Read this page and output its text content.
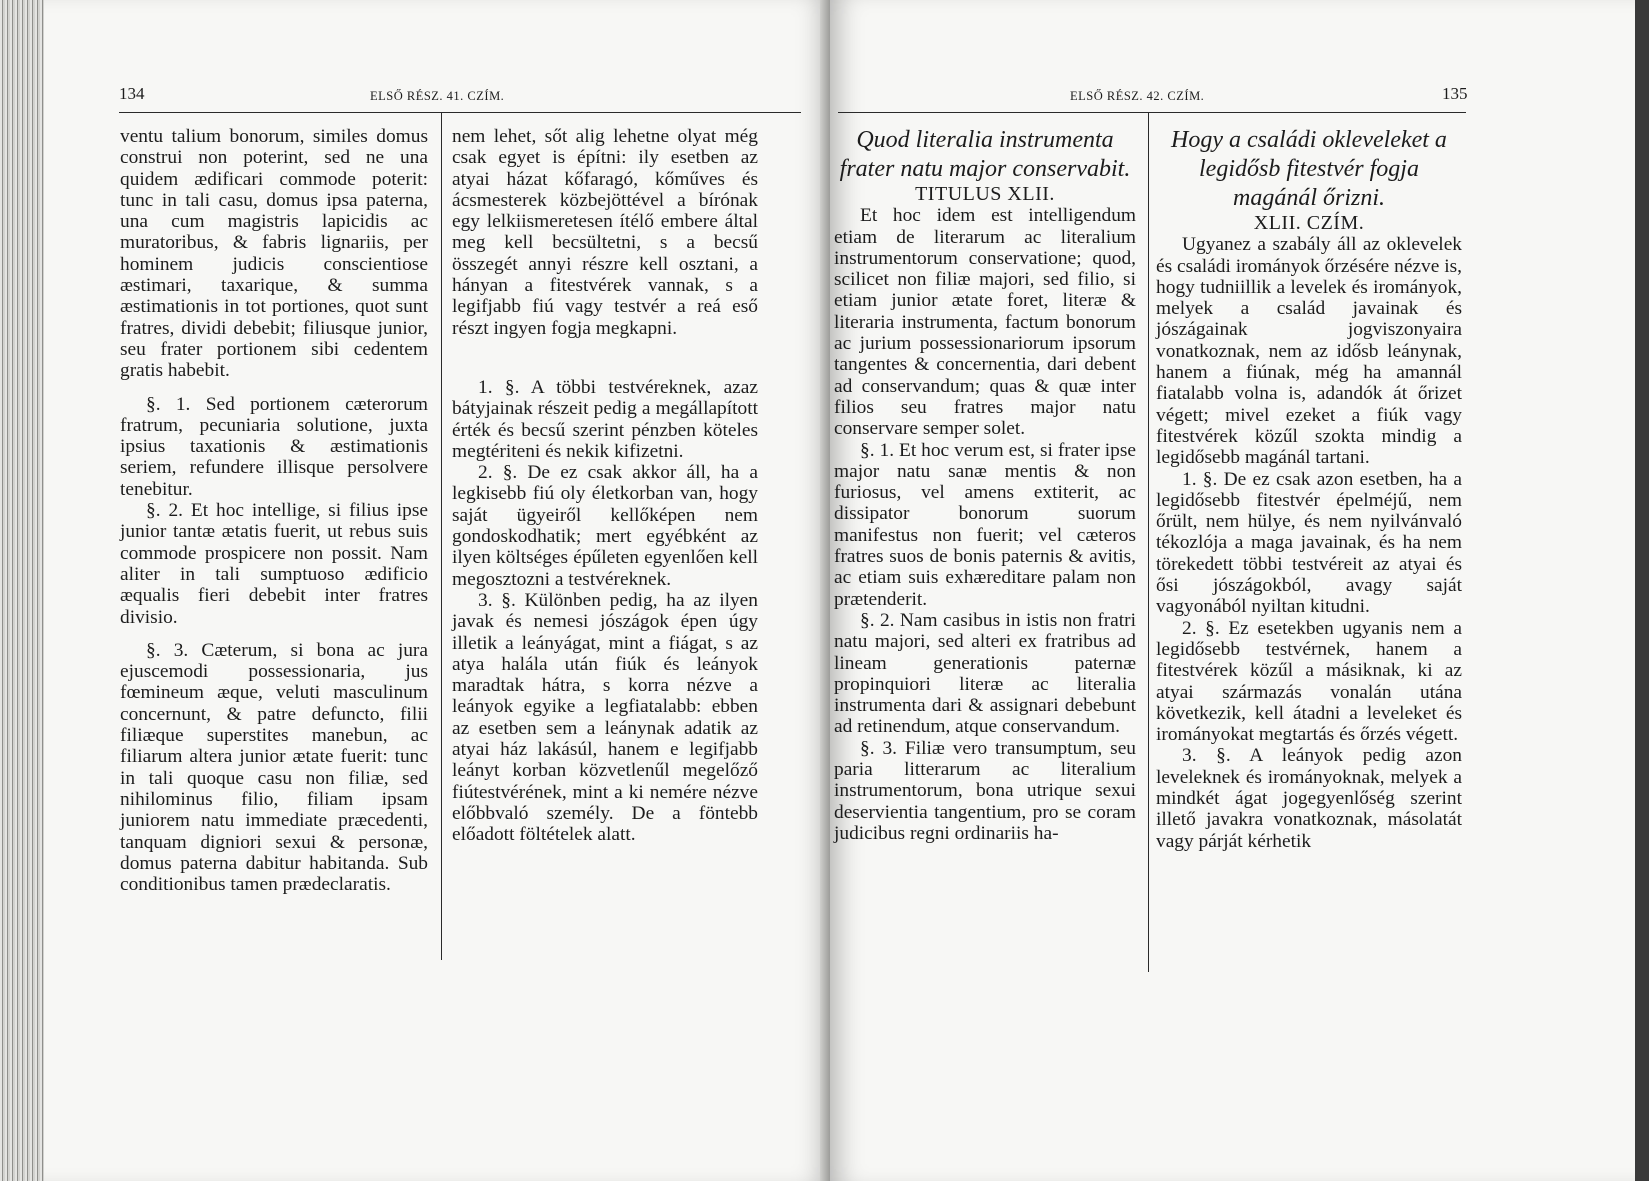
134	ELSŐ RÉSZ. 41. CZÍM.

ventu talium bonorum, similes domus construi non poterint, sed ne una quidem ædificari commode poterit: tunc in tali casu, domus ipsa paterna, una cum magistris lapicidis ac muratoribus, & fabris lignariis, per hominem judicis conscientiose æstimari, taxarique, & summa æstimationis in tot portiones, quot sunt fratres, dividi debebit; filiusque junior, seu frater portionem sibi cedentem gratis habebit.

§. 1. Sed portionem cæterorum fratrum, pecuniaria solutione, juxta ipsius taxationis & æstimationis seriem, refundere illisque persolvere tenebitur.

§. 2. Et hoc intellige, si filius ipse junior tantæ ætatis fuerit, ut rebus suis commode prospicere non possit. Nam aliter in tali sumptuoso ædificio æqualis fieri debebit inter fratres divisio.

§. 3. Cæterum, si bona ac jura ejuscemodi possessionaria, jus fœmineum æque, veluti masculinum concernunt, & patre defuncto, filii filiæque superstites manebun, ac filiarum altera junior ætate fuerit: tunc in tali quoque casu non filiæ, sed nihilominus filio, filiam ipsam juniorem natu immediate præcedenti, tanquam digniori sexui & personæ, domus paterna dabitur habitanda. Sub conditionibus tamen prædeclaratis.

nem lehet, sőt alig lehetne olyat még csak egyet is építni: ily esetben az atyai házat kőfaragó, kőműves és ácsmesterek közbejöttével a bírónak egy lelkiismeretesen ítélő embere által meg kell becsültetni, s a becsű összegét annyi részre kell osztani, a hányan a fitestvérek vannak, s a legifjabb fiú vagy testvér a reá eső részt ingyen fogja megkapni.

1. §. A többi testvéreknek, azaz bátyjainak részeit pedig a megállapított érték és becsű szerint pénzben köteles megtériteni és nekik kifizetni.

2. §. De ez csak akkor áll, ha a legkisebb fiú oly életkorban van, hogy saját ügyeiről kellőképen nem gondoskodhatik; mert egyébként az ilyen költséges épűleten egyenlően kell megosztozni a testvéreknek.

3. §. Különben pedig, ha az ilyen javak és nemesi jószágok épen úgy illetik a leányágat, mint a fiágat, s az atya halála után fiúk és leányok maradtak hátra, s korra nézve a leányok egyike a legfiatalabb: ebben az esetben sem a leánynak adatik az atyai ház lakásúl, hanem e legifjabb leányt korban közvetlenűl megelőző fiútestvérének, mint a ki nemére nézve előbbvaló személy. De a föntebb előadott föltételek alatt.

ELSŐ RÉSZ. 42. CZÍM.	135

Quod literalia instrumenta frater natu major conservabit.

TITULUS XLII.

Et hoc idem est intelligendum etiam de literarum ac literalium instrumentorum conservatione; quod, scilicet non filiæ majori, sed filio, si etiam junior ætate foret, literæ & literaria instrumenta, factum bonorum ac jurium possessionariorum ipsorum tangentes & concernentia, dari debent ad conservandum; quas & quæ inter filios seu fratres major natu conservare semper solet.

§. 1. Et hoc verum est, si frater ipse major natu sanæ mentis & non furiosus, vel amens extiterit, ac dissipator bonorum suorum manifestus non fuerit; vel cæteros fratres suos de bonis paternis & avitis, ac etiam suis exhæreditare palam non prætenderit.

§. 2. Nam casibus in istis non fratri natu majori, sed alteri ex fratribus ad lineam generationis paternæ propinquiori literæ ac literalia instrumenta dari & assignari debebunt ad retinendum, atque conservandum.

§. 3. Filiæ vero transumptum, seu paria litterarum ac literalium instrumentorum, bona utrique sexui deservientia tangentium, pro se coram judicibus regni ordinariis ha-

Hogy a családi okleveleket a legidősb fitestvér fogja magánál őrizni.

XLII. CZÍM.

Ugyanez a szabály áll az oklevelek és családi irományok őrzésére nézve is, hogy tudniillik a levelek és irományok, melyek a család javainak és jószágainak jogviszonyaira vonatkoznak, nem az idősb leánynak, hanem a fiúnak, még ha amannál fiatalabb volna is, adandók át őrizet végett; mivel ezeket a fiúk vagy fitestvérek közűl szokta mindig a legidősebb magánál tartani.

1. §. De ez csak azon esetben, ha a legidősebb fitestvér épelméjű, nem őrült, nem hülye, és nem nyilvánvaló tékozlója a maga javainak, és ha nem törekedett többi testvéreit az atyai és ősi jószágokból, avagy saját vagyonából nyiltan kitudni.

2. §. Ez esetekben ugyanis nem a legidősebb testvérnek, hanem a fitestvérek közűl a másiknak, ki az atyai származás vonalán utána következik, kell átadni a leveleket és irományokat megtartás és őrzés végett.

3. §. A leányok pedig azon leveleknek és irományoknak, melyek a mindkét ágat jogegyenlőség szerint illető javakra vonatkoznak, másolatát vagy párját kérhetik
